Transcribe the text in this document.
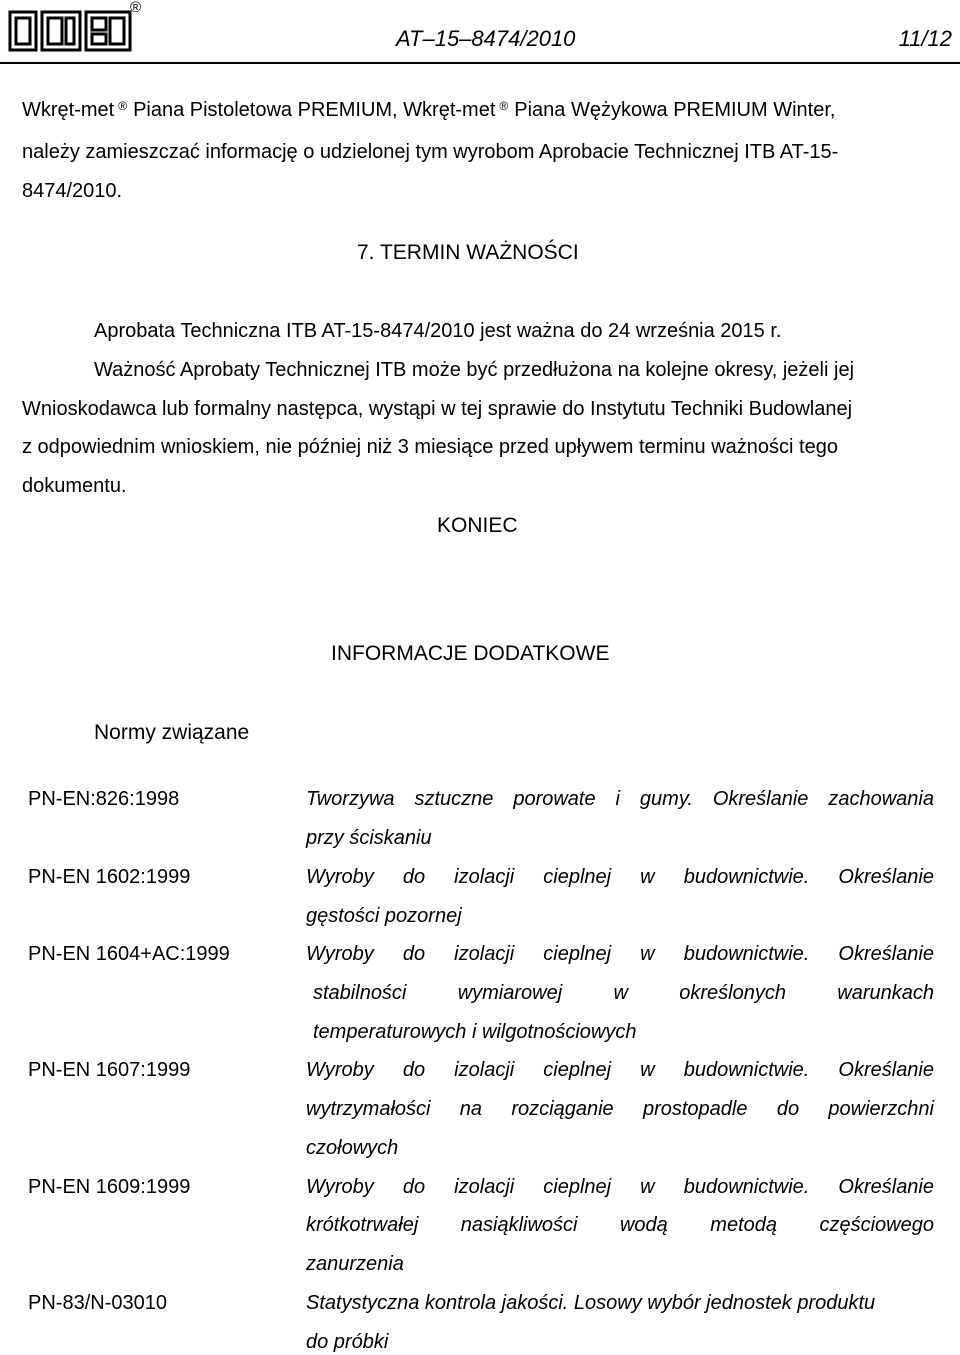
®
AT–15–8474/2010	11/12
Wkręt-met ® Piana Pistoletowa PREMIUM, Wkręt-met ® Piana Wężykowa PREMIUM Winter,
należy zamieszczać informację o udzielonej tym wyrobom Aprobacie Technicznej ITB AT-15-
8474/2010.
7. TERMIN WAŻNOŚCI
Aprobata Techniczna ITB AT-15-8474/2010 jest ważna do 24 września 2015 r.
Ważność Aprobaty Technicznej ITB może być przedłużona na kolejne okresy, jeżeli jej
Wnioskodawca lub formalny następca, wystąpi w tej sprawie do Instytutu Techniki Budowlanej
z odpowiednim wnioskiem, nie później niż 3 miesiące przed upływem terminu ważności tego
dokumentu.
KONIEC
INFORMACJE DODATKOWE
Normy związane
PN-EN:826:1998	Tworzywa sztuczne porowate i gumy. Określanie zachowania
przy ściskaniu
PN-EN 1602:1999	Wyroby do izolacji cieplnej w budownictwie. Określanie
gęstości pozornej
PN-EN 1604+AC:1999	Wyroby do izolacji cieplnej w budownictwie. Określanie
stabilności wymiarowej w określonych warunkach
temperaturowych i wilgotnościowych
PN-EN 1607:1999	Wyroby do izolacji cieplnej w budownictwie. Określanie
wytrzymałości na rozciąganie prostopadle do powierzchni
czołowych
PN-EN 1609:1999	Wyroby do izolacji cieplnej w budownictwie. Określanie
krótkotrwałej nasiąkliwości wodą metodą częściowego
zanurzenia
PN-83/N-03010	Statystyczna kontrola jakości. Losowy wybór jednostek produktu
do próbki
